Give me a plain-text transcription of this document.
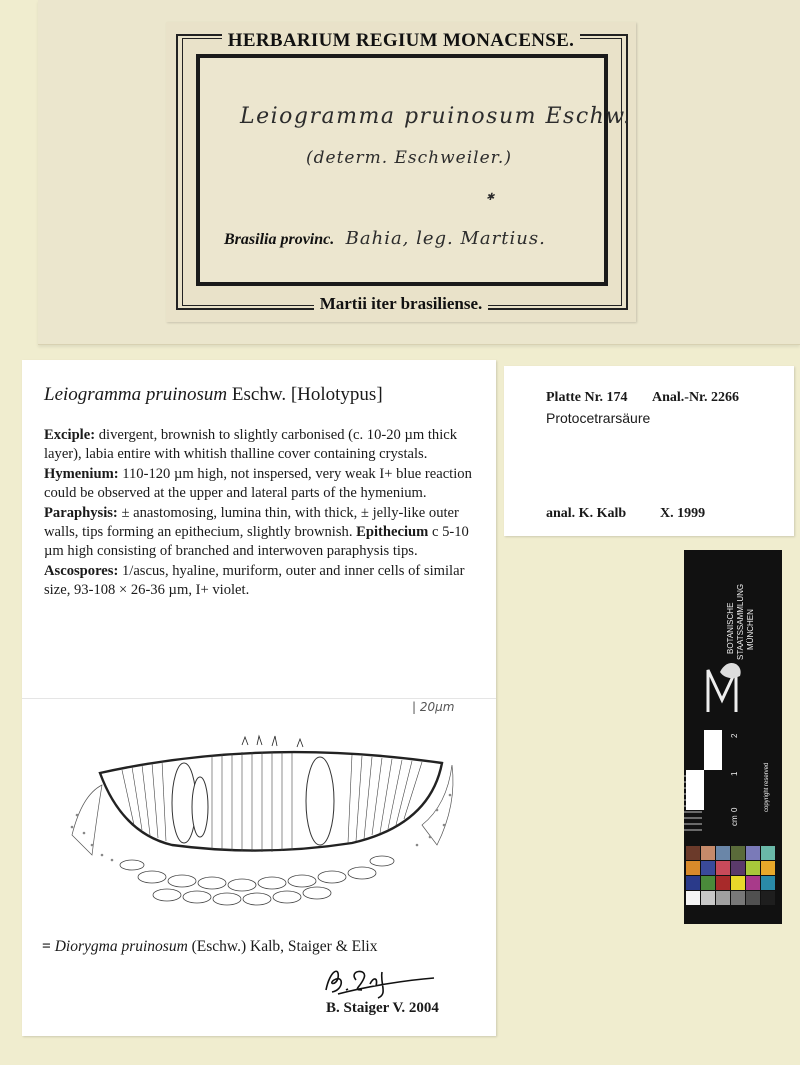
HERBARIUM REGIUM MONACENSE.
Leiogramma pruinosum Eschw.
(determ. Eschweiler.)
✱
Brasilia provinc. Bahia, leg. Martius.
Martii iter brasiliense.
Leiogramma pruinosum Eschw. [Holotypus]

Exciple: divergent, brownish to slightly carbonised (c. 10-20 µm thick layer), labia entire with whitish thalline cover containing crystals.

Hymenium: 110-120 µm high, not inspersed, very weak I+ blue reaction could be observed at the upper and lateral parts of the hymenium.

Paraphysis: ± anastomosing, lumina thin, with thick, ± jelly-like outer walls, tips forming an epithecium, slightly brownish. Epithecium c 5-10 µm high consisting of branched and interwoven paraphysis tips.

Ascospores: 1/ascus, hyaline, muriform, outer and inner cells of similar size, 93-108 × 26-36 µm, I+ violet.

| 20µm
= Diorygma pruinosum (Eschw.) Kalb, Staiger & Elix
B. Staiger V. 2004
Platte Nr. 174 Anal.-Nr. 2266
Protocetrarsäure
anal. K. Kalb X. 1999
BOTANISCHE STAATSSAMMLUNG MÜNCHEN
copyright reserved
cm
0
1
2
